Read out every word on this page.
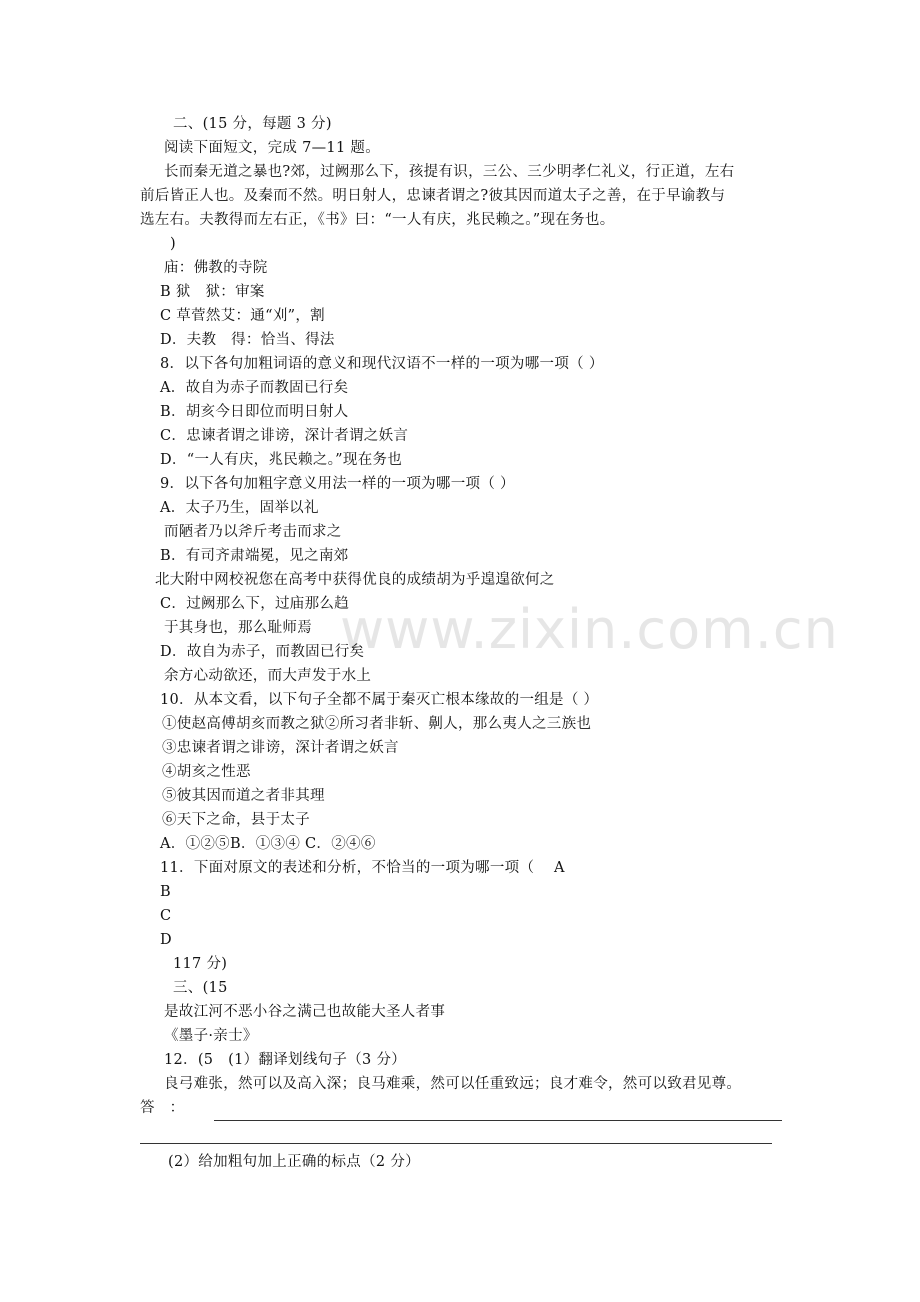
www.zixin.com.cn
二、(15 分，每题 3 分)
阅读下面短文，完成 7—11 题。
长而秦无道之暴也?郊，过阙那么下，孩提有识，三公、三少明孝仁礼义，行正道，左右
前后皆正人也。及秦而不然。明日射人，忠谏者谓之?彼其因而道太子之善，在于早谕教与
选左右。夫教得而左右正，《书》曰：“一人有庆，兆民赖之。”现在务也。
)
庙：佛教的寺院
B 狱　狱：审案
C 草菅然艾：通“刈”，割
D．夫教　得：恰当、得法
8．以下各句加粗词语的意义和现代汉语不一样的一项为哪一项（ ）
A．故自为赤子而教固已行矣
B．胡亥今日即位而明日射人
C．忠谏者谓之诽谤，深计者谓之妖言
D．“一人有庆，兆民赖之。”现在务也
9．以下各句加粗字意义用法一样的一项为哪一项（ ）
A．太子乃生，固举以礼
而陋者乃以斧斤考击而求之
B．有司齐肃端冕，见之南郊
北大附中网校祝您在高考中获得优良的成绩胡为乎遑遑欲何之
C．过阙那么下，过庙那么趋
于其身也，那么耻师焉
D．故自为赤子，而教固已行矣
余方心动欲还，而大声发于水上
10．从本文看，以下句子全都不属于秦灭亡根本缘故的一组是（ ）
①使赵高傅胡亥而教之狱②所习者非斩、劓人，那么夷人之三族也
③忠谏者谓之诽谤，深计者谓之妖言
④胡亥之性恶
⑤彼其因而道之者非其理
⑥天下之命，县于太子
A．①②⑤B．①③④ C．②④⑥
11．下面对原文的表述和分析，不恰当的一项为哪一项（　 A
B
C
D
117 分)
三、(15
是故江河不恶小谷之满己也故能大圣人者事
《墨子·亲士》
12．(5　(1）翻译划线句子（3 分）
良弓难张，然可以及高入深；良马难乘，然可以任重致远；良才难令，然可以致君见尊。
答　：
(2）给加粗句加上正确的标点（2 分）
